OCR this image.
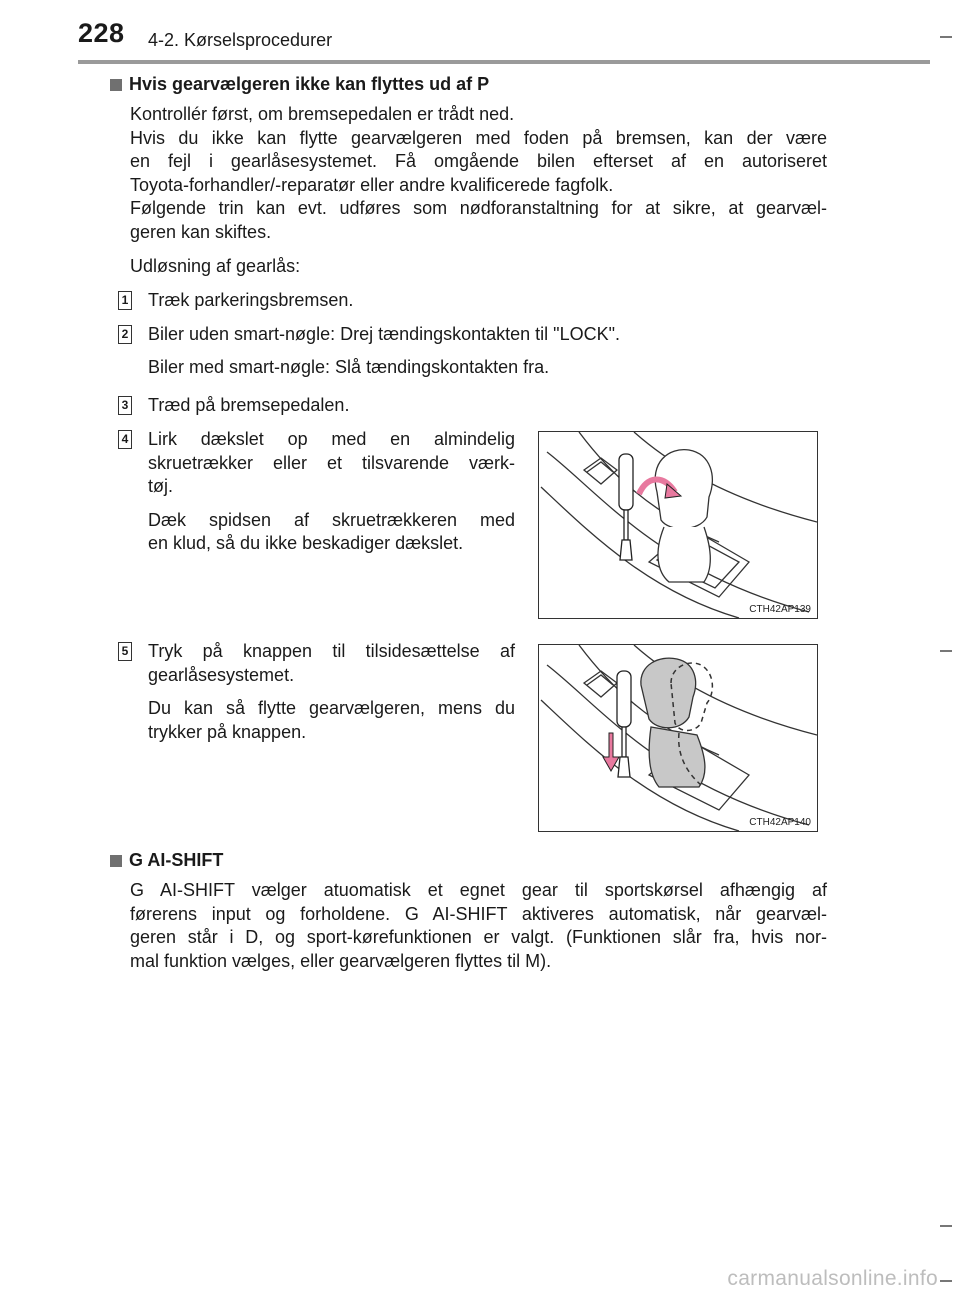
228 4-2. Kørselsprocedurer
Hvis gearvælgeren ikke kan flyttes ud af P
Kontrollér først, om bremsepedalen er trådt ned.
Hvis du ikke kan flytte gearvælgeren med foden på bremsen, kan der være
en fejl i gearlåsesystemet. Få omgående bilen efterset af en autoriseret
Toyota-forhandler/-reparatør eller andre kvalificerede fagfolk.
Følgende trin kan evt. udføres som nødforanstaltning for at sikre, at gearvæl-
geren kan skiftes.
Udløsning af gearlås:
1 Træk parkeringsbremsen.
2 Biler uden smart-nøgle: Drej tændingskontakten til "LOCK".
Biler med smart-nøgle: Slå tændingskontakten fra.
3 Træd på bremsepedalen.
4 Lirk dækslet op med en almindelig
skruetrækker eller et tilsvarende værk-
tøj.
Dæk spidsen af skruetrækkeren med
en klud, så du ikke beskadiger dækslet.
CTH42AP139
5 Tryk på knappen til tilsidesættelse af
gearlåsesystemet.
Du kan så flytte gearvælgeren, mens du
trykker på knappen.
CTH42AP140
G AI-SHIFT
G AI-SHIFT vælger atuomatisk et egnet gear til sportskørsel afhængig af
førerens input og forholdene. G AI-SHIFT aktiveres automatisk, når gearvæl-
geren står i D, og sport-kørefunktionen er valgt. (Funktionen slår fra, hvis nor-
mal funktion vælges, eller gearvælgeren flyttes til M).
carmanualsonline.info
